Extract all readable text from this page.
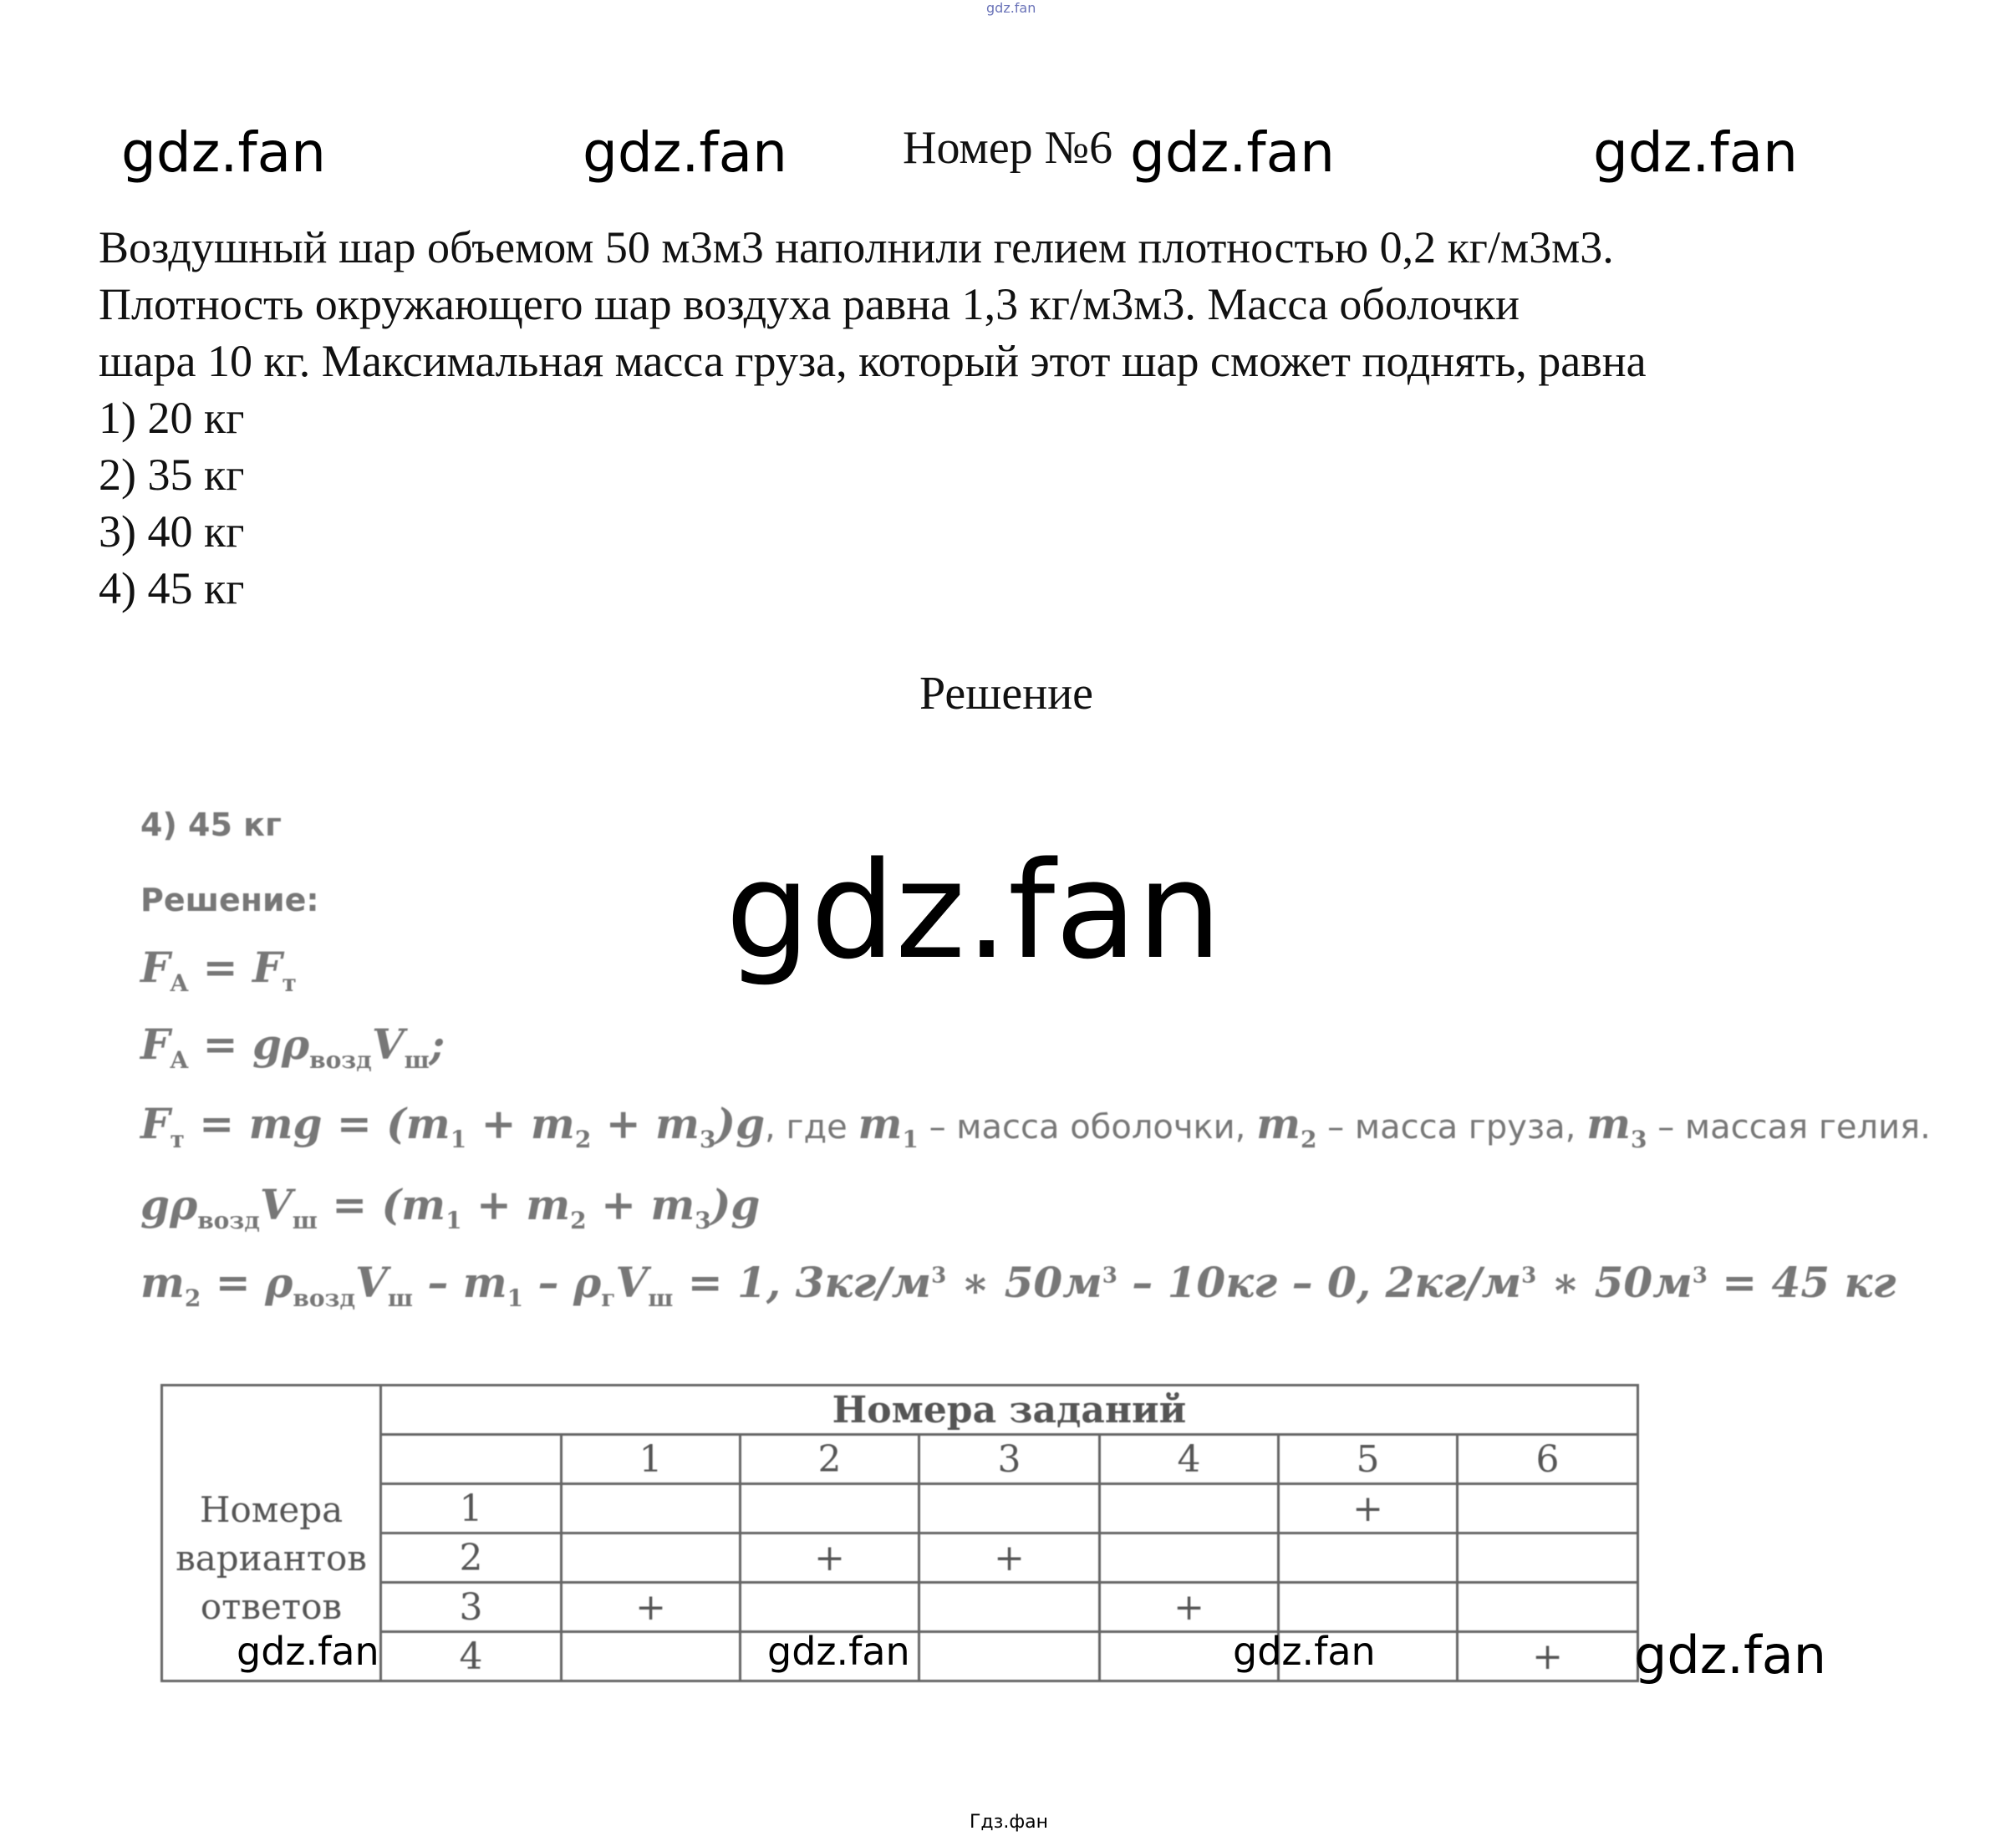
gdz.fan
gdz.fan	gdz.fan	gdz.fan	gdz.fan
Номер №6

Воздушный шар объемом 50 м3м3 наполнили гелием плотностью 0,2 кг/м3м3.

Плотность окружающего шар воздуха равна 1,3 кг/м3м3. Масса оболочки

шара 10 кг. Максимальная масса груза, который этот шар сможет поднять, равна

1) 20 кг
2) 35 кг
3) 40 кг
4) 45 кг
Решение
4) 45 кг
Решение:
$F_A = F_т$
$F_A = g\rho_{возд}V_ш$;
$F_т$ = mg = $(m_1 + m_2 + m_3)g$, где $m_1$ – масса оболочки, $m_2$ – масса груза, $m_3$ – массая гелия.
$g\rho_{возд}V_ш = (m_1 + m_2 + m_3)g$
$m_2 = \rho_{возд}V_ш - m_1 - \rho_гV_ш = 1$, $3кг/м^3$ ∗ $50м^3 - 10кг - 0$, $2кг/м^3$ ∗ $50м^3 = 45$ кг
gdz.fan
Номера вариантов ответов	Номера заданий						
		1	2	3	4	5	6
	1					+	
	2		+	+			
	3	+			+		
	4						+
gdz.fan	gdz.fan	gdz.fan	gdz.fan
Гдз.фан
